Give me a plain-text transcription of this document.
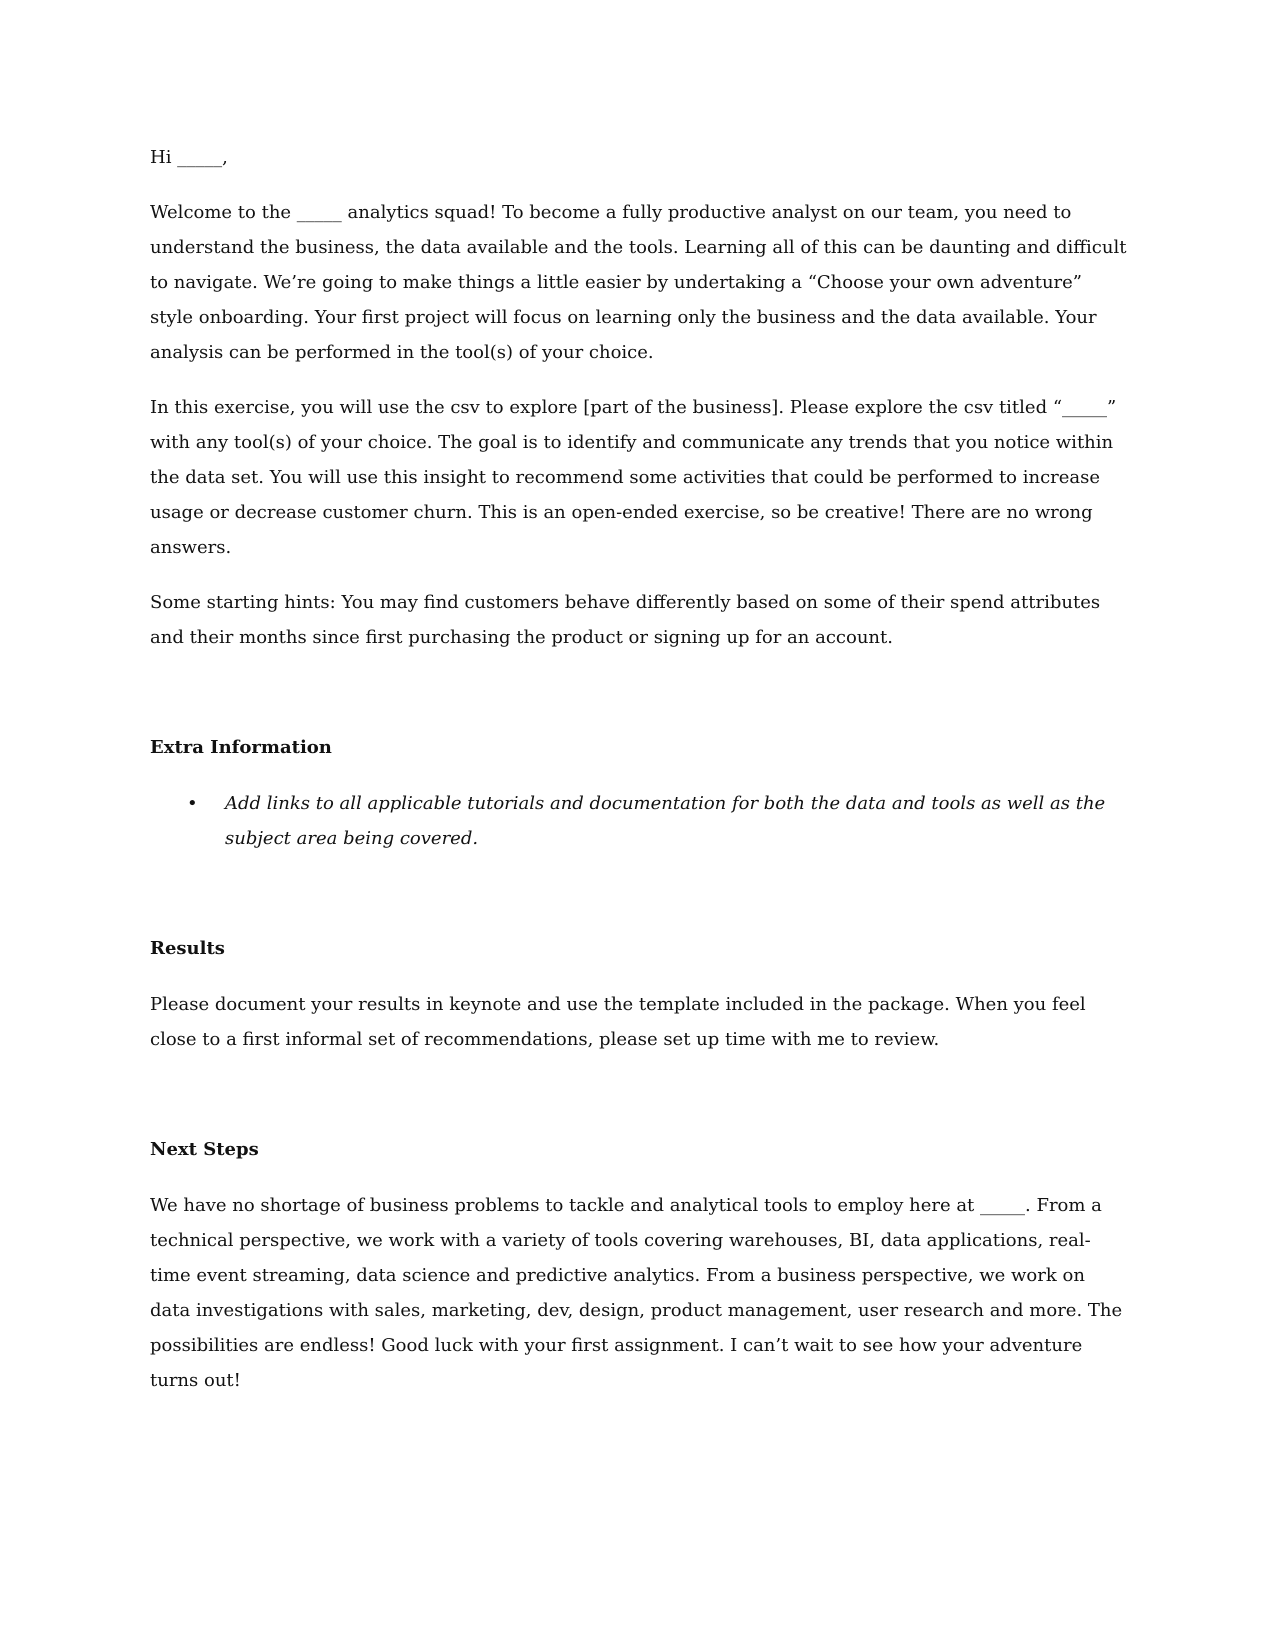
Hi _____,

Welcome to the _____ analytics squad! To become a fully productive analyst on our team, you need to understand the business, the data available and the tools. Learning all of this can be daunting and difficult to navigate. We’re going to make things a little easier by undertaking a “Choose your own adventure” style onboarding. Your first project will focus on learning only the business and the data available. Your analysis can be performed in the tool(s) of your choice.

In this exercise, you will use the csv to explore [part of the business]. Please explore the csv titled “_____” with any tool(s) of your choice. The goal is to identify and communicate any trends that you notice within the data set. You will use this insight to recommend some activities that could be performed to increase usage or decrease customer churn. This is an open-ended exercise, so be creative! There are no wrong answers.

Some starting hints: You may find customers behave differently based on some of their spend attributes and their months since first purchasing the product or signing up for an account.

Extra Information
• Add links to all applicable tutorials and documentation for both the data and tools as well as the subject area being covered.
Results

Please document your results in keynote and use the template included in the package. When you feel close to a first informal set of recommendations, please set up time with me to review.

Next Steps

We have no shortage of business problems to tackle and analytical tools to employ here at _____. From a technical perspective, we work with a variety of tools covering warehouses, BI, data applications, real-time event streaming, data science and predictive analytics. From a business perspective, we work on data investigations with sales, marketing, dev, design, product management, user research and more. The possibilities are endless! Good luck with your first assignment. I can’t wait to see how your adventure turns out!
